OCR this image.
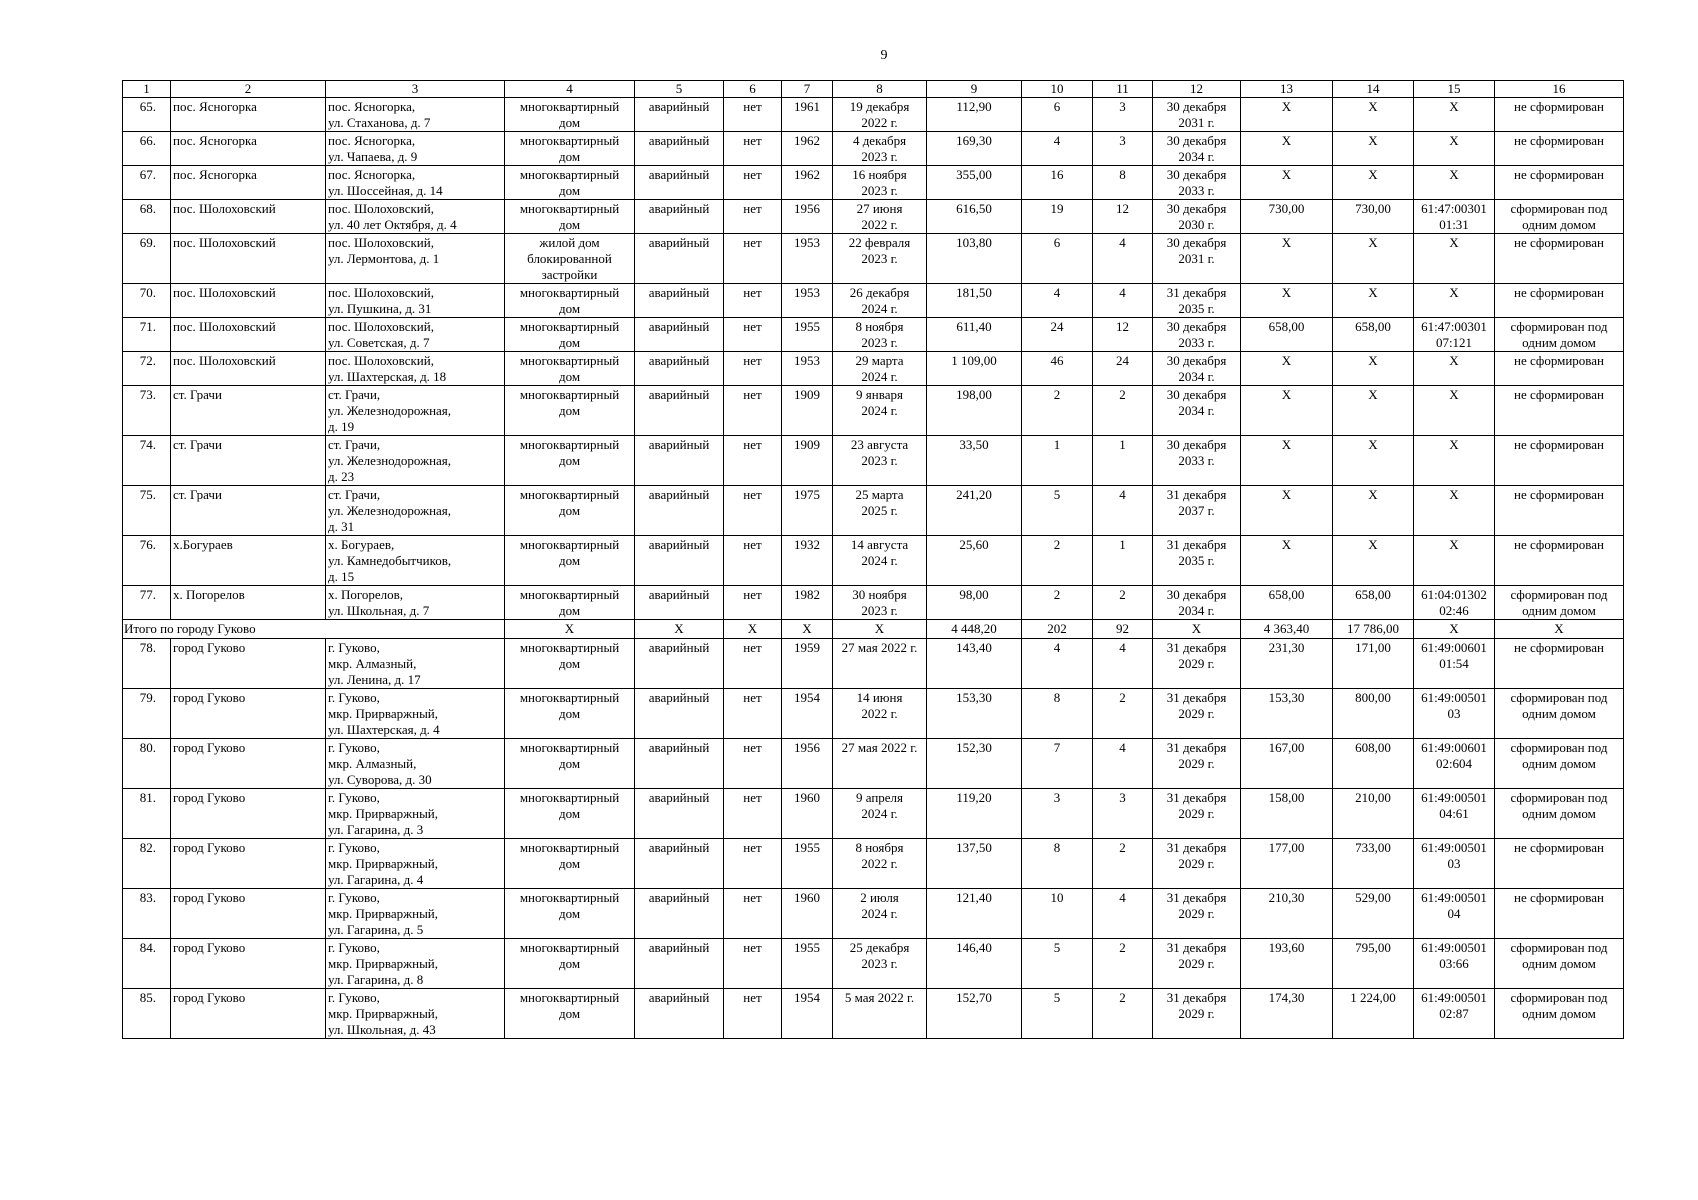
9
1	2	3	4	5	6	7	8	9	10	11	12	13	14	15	16
65.	пос. Ясногорка	пос. Ясногорка,
ул. Стаханова, д. 7	многоквартирный
дом	аварийный	нет	1961	19 декабря
2022 г.	112,90	6	3	30 декабря
2031 г.	X	X	X	не сформирован

66.	пос. Ясногорка	пос. Ясногорка,
ул. Чапаева, д. 9	многоквартирный
дом	аварийный	нет	1962	4 декабря
2023 г.	169,30	4	3	30 декабря
2034 г.	X	X	X	не сформирован

67.	пос. Ясногорка	пос. Ясногорка,
ул. Шоссейная, д. 14	многоквартирный
дом	аварийный	нет	1962	16 ноября
2023 г.	355,00	16	8	30 декабря
2033 г.	X	X	X	не сформирован

68.	пос. Шолоховский	пос. Шолоховский,
ул. 40 лет Октября, д. 4	многоквартирный
дом	аварийный	нет	1956	27 июня
2022 г.	616,50	19	12	30 декабря
2030 г.	730,00	730,00	61:47:00301
01:31	сформирован под
одним домом

69.	пос. Шолоховский	пос. Шолоховский,
ул. Лермонтова, д. 1	жилой дом
блокированной
застройки	аварийный	нет	1953	22 февраля
2023 г.	103,80	6	4	30 декабря
2031 г.	X	X	X	не сформирован

70.	пос. Шолоховский	пос. Шолоховский,
ул. Пушкина, д. 31	многоквартирный
дом	аварийный	нет	1953	26 декабря
2024 г.	181,50	4	4	31 декабря
2035 г.	X	X	X	не сформирован

71.	пос. Шолоховский	пос. Шолоховский,
ул. Советская, д. 7	многоквартирный
дом	аварийный	нет	1955	8 ноября
2023 г.	611,40	24	12	30 декабря
2033 г.	658,00	658,00	61:47:00301
07:121	сформирован под
одним домом

72.	пос. Шолоховский	пос. Шолоховский,
ул. Шахтерская, д. 18	многоквартирный
дом	аварийный	нет	1953	29 марта
2024 г.	1 109,00	46	24	30 декабря
2034 г.	X	X	X	не сформирован

73.	ст. Грачи	ст. Грачи,
ул. Железнодорожная,
д. 19	многоквартирный
дом	аварийный	нет	1909	9 января
2024 г.	198,00	2	2	30 декабря
2034 г.	X	X	X	не сформирован

74.	ст. Грачи	ст. Грачи,
ул. Железнодорожная,
д. 23	многоквартирный
дом	аварийный	нет	1909	23 августа
2023 г.	33,50	1	1	30 декабря
2033 г.	X	X	X	не сформирован

75.	ст. Грачи	ст. Грачи,
ул. Железнодорожная,
д. 31	многоквартирный
дом	аварийный	нет	1975	25 марта
2025 г.	241,20	5	4	31 декабря
2037 г.	X	X	X	не сформирован

76.	х.Богураев	х. Богураев,
ул. Камнедобытчиков,
д. 15	многоквартирный
дом	аварийный	нет	1932	14 августа
2024 г.	25,60	2	1	31 декабря
2035 г.	X	X	X	не сформирован

77.	х. Погорелов	х. Погорелов,
ул. Школьная, д. 7	многоквартирный
дом	аварийный	нет	1982	30 ноября
2023 г.	98,00	2	2	30 декабря
2034 г.	658,00	658,00	61:04:01302
02:46	сформирован под
одним домом

Итого по городу Гуково			X	X	X	X	X	4 448,20	202	92	X	4 363,40	17 786,00	X	X
78.	город Гуково	г. Гуково,
мкр. Алмазный,
ул. Ленина, д. 17	многоквартирный
дом	аварийный	нет	1959	27 мая 2022 г.	143,40	4	4	31 декабря
2029 г.	231,30	171,00	61:49:00601
01:54	не сформирован

79.	город Гуково	г. Гуково,
мкр. Прирваржный,
ул. Шахтерская, д. 4	многоквартирный
дом	аварийный	нет	1954	14 июня
2022 г.	153,30	8	2	31 декабря
2029 г.	153,30	800,00	61:49:00501
03	сформирован под
одним домом

80.	город Гуково	г. Гуково,
мкр. Алмазный,
ул. Суворова, д. 30	многоквартирный
дом	аварийный	нет	1956	27 мая 2022 г.	152,30	7	4	31 декабря
2029 г.	167,00	608,00	61:49:00601
02:604	сформирован под
одним домом

81.	город Гуково	г. Гуково,
мкр. Прирваржный,
ул. Гагарина, д. 3	многоквартирный
дом	аварийный	нет	1960	9 апреля
2024 г.	119,20	3	3	31 декабря
2029 г.	158,00	210,00	61:49:00501
04:61	сформирован под
одним домом

82.	город Гуково	г. Гуково,
мкр. Прирваржный,
ул. Гагарина, д. 4	многоквартирный
дом	аварийный	нет	1955	8 ноября
2022 г.	137,50	8	2	31 декабря
2029 г.	177,00	733,00	61:49:00501
03	не сформирован

83.	город Гуково	г. Гуково,
мкр. Прирваржный,
ул. Гагарина, д. 5	многоквартирный
дом	аварийный	нет	1960	2 июля
2024 г.	121,40	10	4	31 декабря
2029 г.	210,30	529,00	61:49:00501
04	не сформирован

84.	город Гуково	г. Гуково,
мкр. Прирваржный,
ул. Гагарина, д. 8	многоквартирный
дом	аварийный	нет	1955	25 декабря
2023 г.	146,40	5	2	31 декабря
2029 г.	193,60	795,00	61:49:00501
03:66	сформирован под
одним домом

85.	город Гуково	г. Гуково,
мкр. Прирваржный,
ул. Школьная, д. 43	многоквартирный
дом	аварийный	нет	1954	5 мая 2022 г.	152,70	5	2	31 декабря
2029 г.	174,30	1 224,00	61:49:00501
02:87	сформирован под
одним домом
